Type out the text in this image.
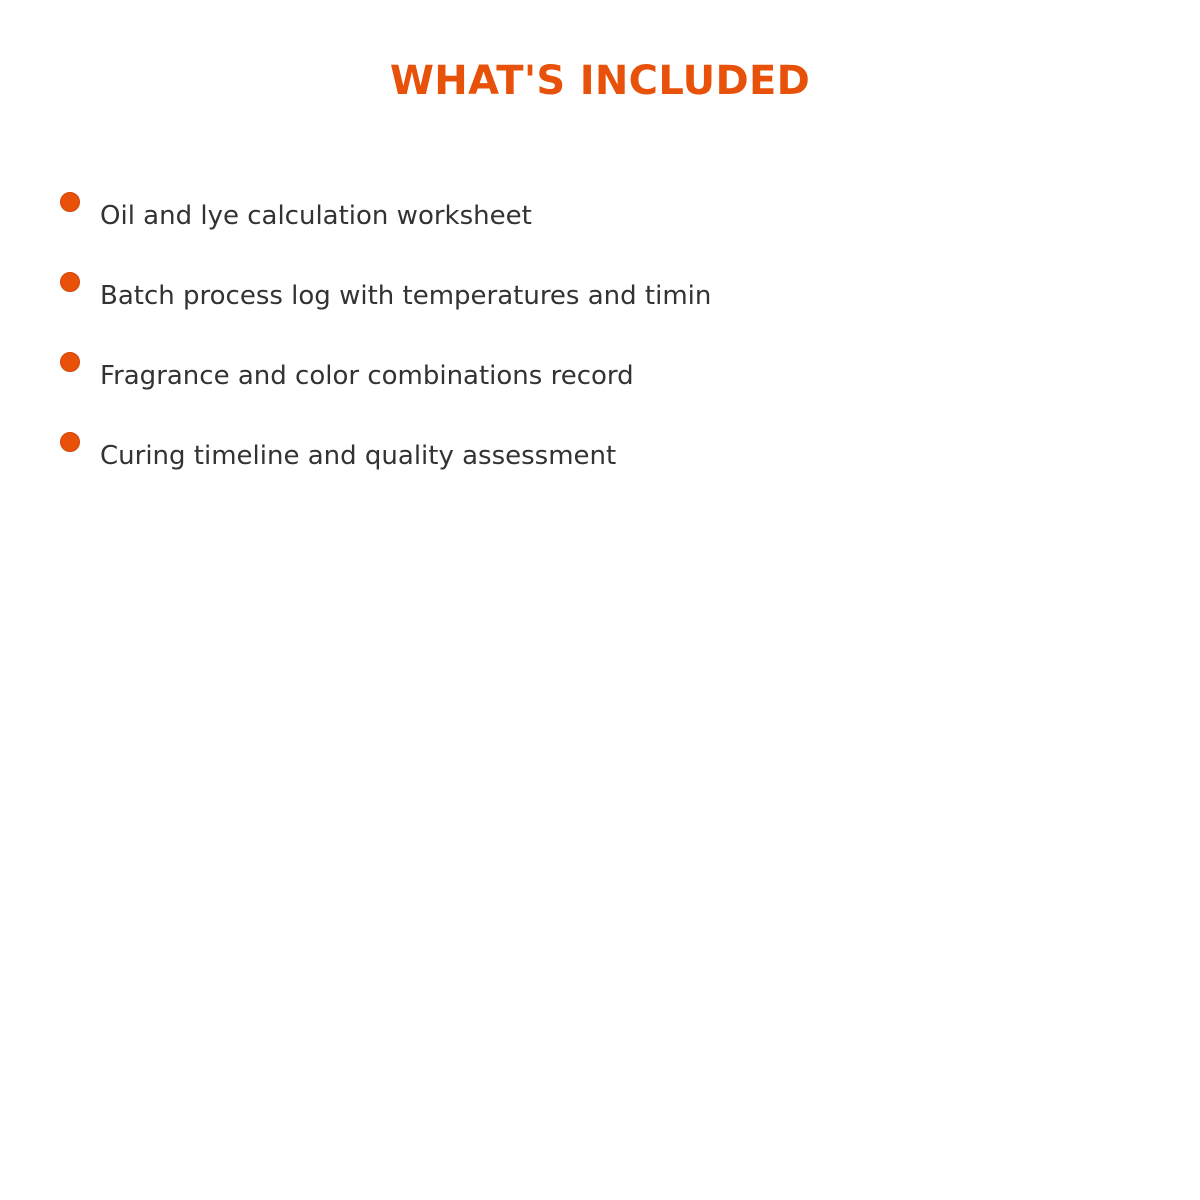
WHAT'S INCLUDED
Oil and lye calculation worksheet
Batch process log with temperatures and timin
Fragrance and color combinations record
Curing timeline and quality assessment
